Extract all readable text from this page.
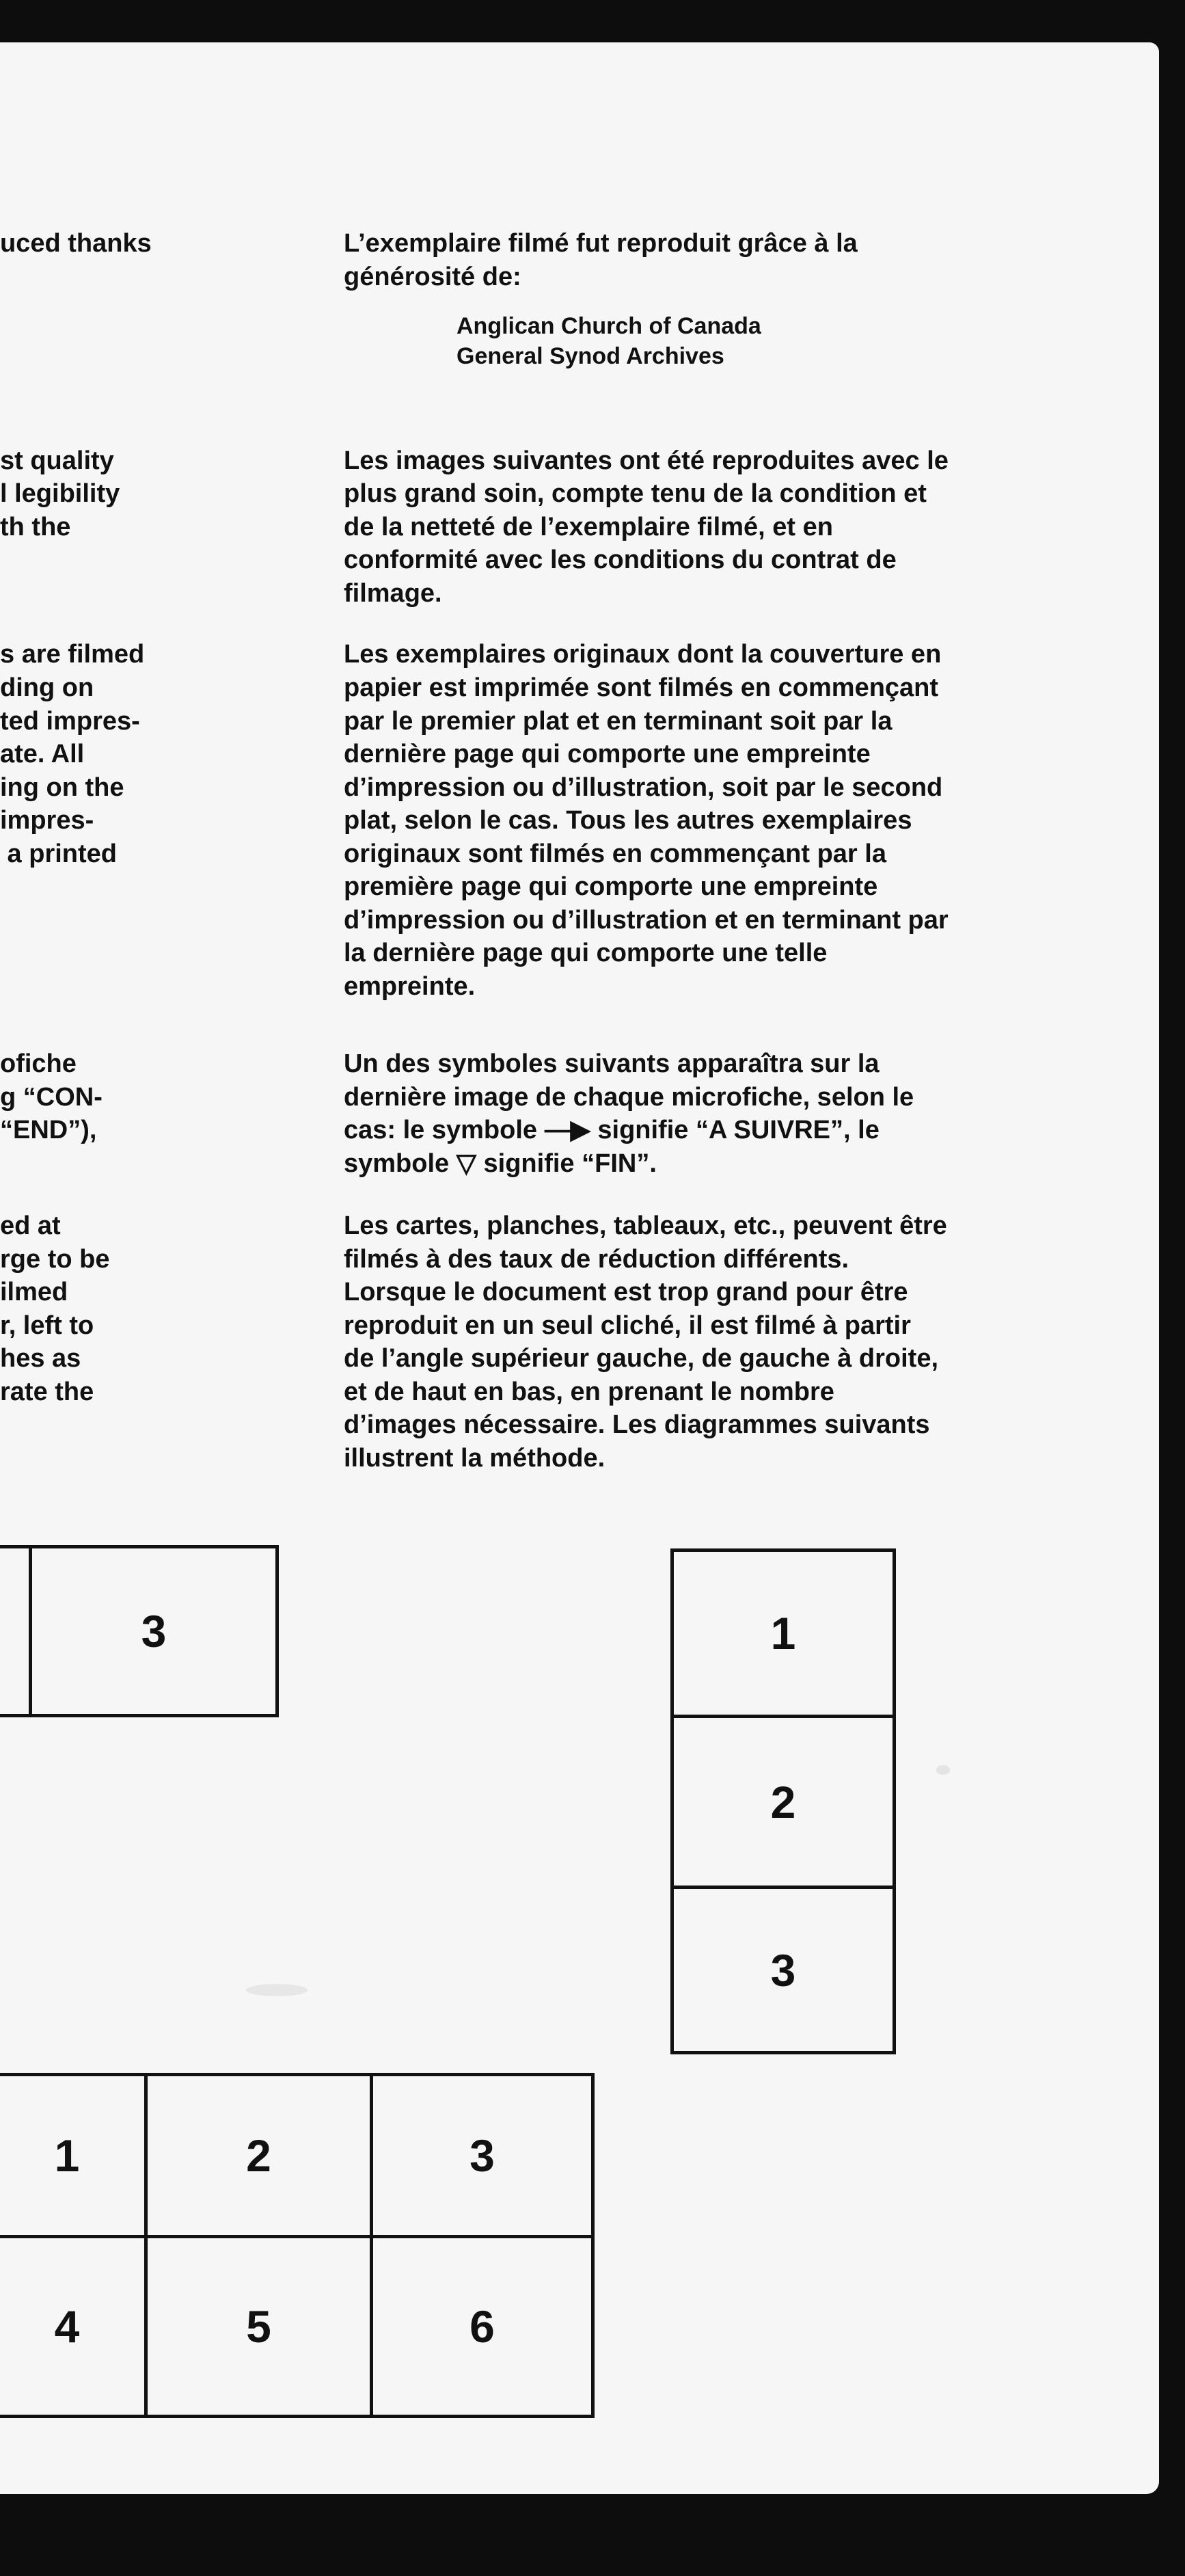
uced thanks
st quality
l legibility
th the
s are filmed
ding on
ted impres-
ate. All
ing on the
impres-
a printed
ofiche
g “CON-
“END”),
ed at
rge to be
ilmed
r, left to
hes as
rate the
L’exemplaire filmé fut reproduit grâce à la
générosité de:
Anglican Church of Canada
General Synod Archives
Les images suivantes ont été reproduites avec le
plus grand soin, compte tenu de la condition et
de la netteté de l’exemplaire filmé, et en
conformité avec les conditions du contrat de
filmage.
Les exemplaires originaux dont la couverture en
papier est imprimée sont filmés en commençant
par le premier plat et en terminant soit par la
dernière page qui comporte une empreinte
d’impression ou d’illustration, soit par le second
plat, selon le cas. Tous les autres exemplaires
originaux sont filmés en commençant par la
première page qui comporte une empreinte
d’impression ou d’illustration et en terminant par
la dernière page qui comporte une telle
empreinte.
Un des symboles suivants apparaîtra sur la
dernière image de chaque microfiche, selon le
cas: le symbole —▶ signifie “A SUIVRE”, le
symbole ▽ signifie “FIN”.
Les cartes, planches, tableaux, etc., peuvent être
filmés à des taux de réduction différents.
Lorsque le document est trop grand pour être
reproduit en un seul cliché, il est filmé à partir
de l’angle supérieur gauche, de gauche à droite,
et de haut en bas, en prenant le nombre
d’images nécessaire. Les diagrammes suivants
illustrent la méthode.
3	1
2
3
1	2	3
4	5	6
